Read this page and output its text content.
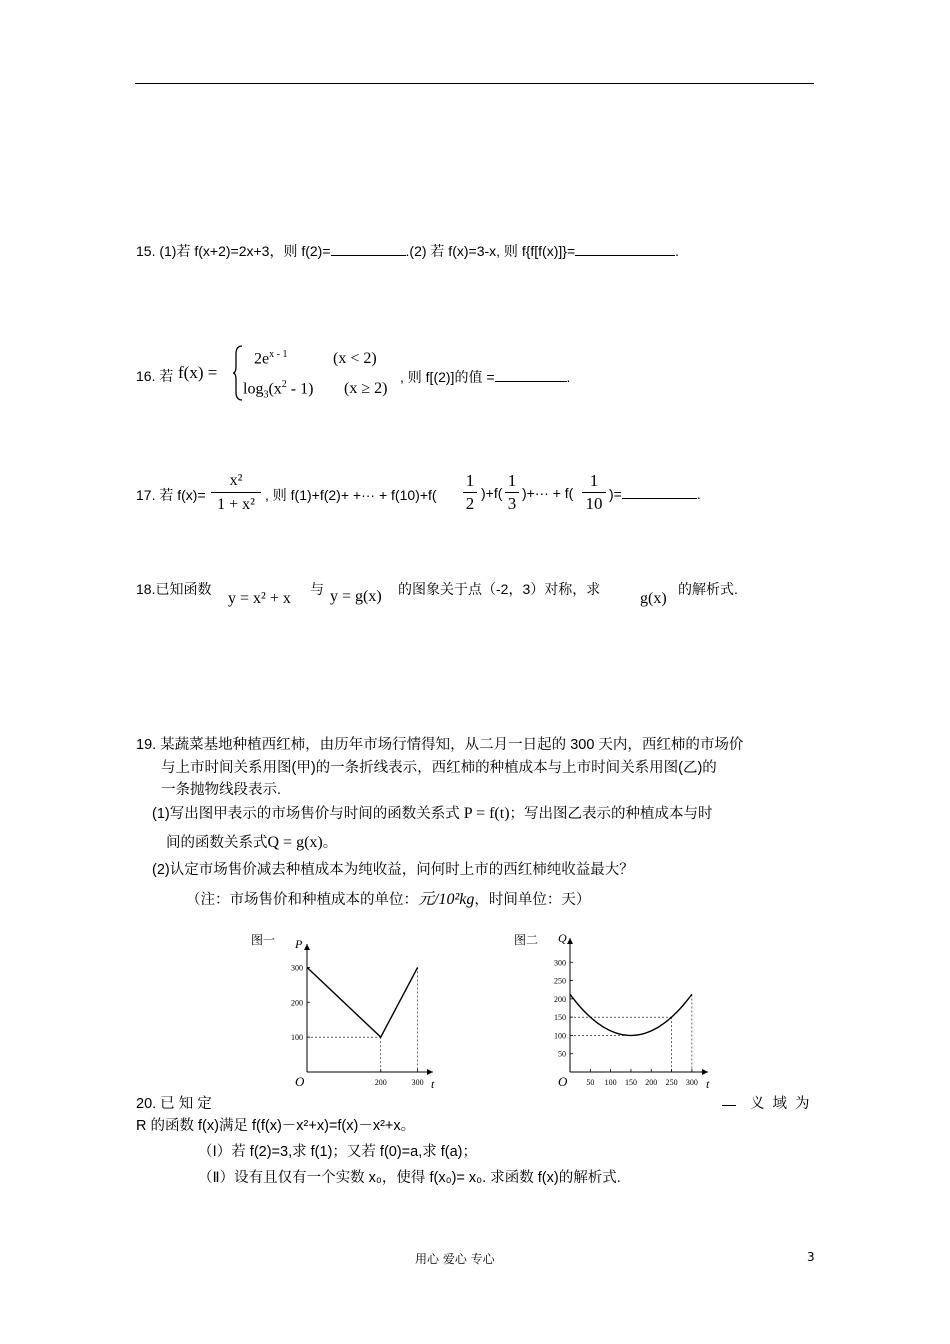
15. (1)若 f(x+2)=2x+3，则 f(2)=	.(2) 若 f(x)=3-x, 则 f{f[f(x)]}=	.
16. 若 f(x) =
$2e^{x - 1}$	(x < 2)
$\log_3(x^2 - 1) (x \ge 2)$
, 则 f[(2)]的值 =	.
17. 若 $f(x)= \frac{\text{x²}}{\text{1 + x²}}$ , 则 f(1)+f(2)+ +··· + $f(10)+f( \frac{1}{2} )+f( \frac{1}{3}$ )+··· + $f( \frac{1}{10}$ )=	.
18.已知函数
y = x² + x
与 y = g(x) 的图象关于点（-2，3）对称，求
g(x)
的解析式.
19. 某蔬菜基地种植西红柿，由历年市场行情得知，从二月一日起的 300 天内，西红柿的市场价
与上市时间关系用图(甲)的一条折线表示，西红柿的种植成本与上市时间关系用图(乙)的
一条抛物线段表示.
(1)写出图甲表示的市场售价与时间的函数关系式 P = f(t)；写出图乙表示的种植成本与时
间的函数关系式Q = g(x)。
(2)认定市场售价减去种植成本为纯收益，问何时上市的西红柿纯收益最大？
（注：市场售价和种植成本的单位：元/10²kg，时间单位：天）
图一
t
P
O
300
200
100
200	300
图二
t
Q
O
300
250
200
150
100
50
50 100 150 200 250 300
20. 已 知 定	义 域 为
R 的函数 f(x)满足 f(f(x)－x²+x)=f(x)－x²+x。
（Ⅰ）若 f(2)=3,求 f(1)；又若 f(0)=a,求 f(a)；
（Ⅱ）设有且仅有一个实数 x₀，使得 f(x₀)= x₀. 求函数 f(x)的解析式.
用心 爱心 专心	3
